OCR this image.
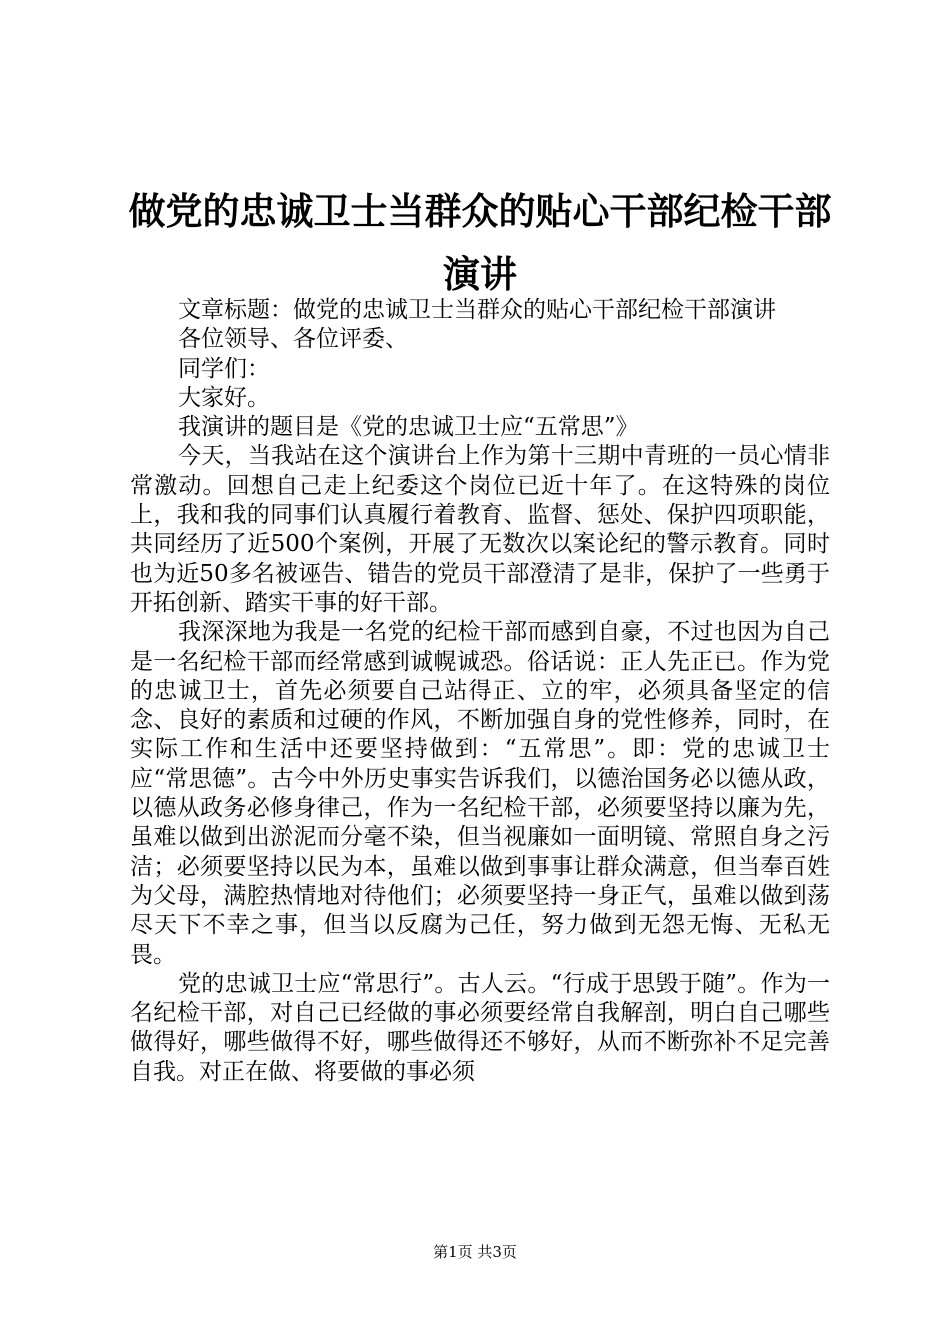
做党的忠诚卫士当群众的贴心干部纪检干部演讲

文章标题：做党的忠诚卫士当群众的贴心干部纪检干部演讲

各位领导、各位评委、

同学们：

大家好。

我演讲的题目是《党的忠诚卫士应“五常思”》

今天，当我站在这个演讲台上作为第十三期中青班的一员心情非常激动。回想自己走上纪委这个岗位已近十年了。在这特殊的岗位上，我和我的同事们认真履行着教育、监督、惩处、保护四项职能，共同经历了近500个案例，开展了无数次以案论纪的警示教育。同时也为近50多名被诬告、错告的党员干部澄清了是非，保护了一些勇于开拓创新、踏实干事的好干部。

我深深地为我是一名党的纪检干部而感到自豪，不过也因为自己是一名纪检干部而经常感到诚幌诚恐。俗话说：正人先正已。作为党的忠诚卫士，首先必须要自己站得正、立的牢，必须具备坚定的信念、良好的素质和过硬的作风，不断加强自身的党性修养，同时，在实际工作和生活中还要坚持做到：“五常思”。即：党的忠诚卫士应“常思德”。古今中外历史事实告诉我们，以德治国务必以德从政，以德从政务必修身律己，作为一名纪检干部，必须要坚持以廉为先，虽难以做到出淤泥而分毫不染，但当视廉如一面明镜、常照自身之污洁；必须要坚持以民为本，虽难以做到事事让群众满意，但当奉百姓为父母，满腔热情地对待他们；必须要坚持一身正气，虽难以做到荡尽天下不幸之事，但当以反腐为己任，努力做到无怨无悔、无私无畏。

党的忠诚卫士应“常思行”。古人云。“行成于思毁于随”。作为一名纪检干部，对自己已经做的事必须要经常自我解剖，明白自己哪些做得好，哪些做得不好，哪些做得还不够好，从而不断弥补不足完善自我。对正在做、将要做的事必须

第1页 共3页
